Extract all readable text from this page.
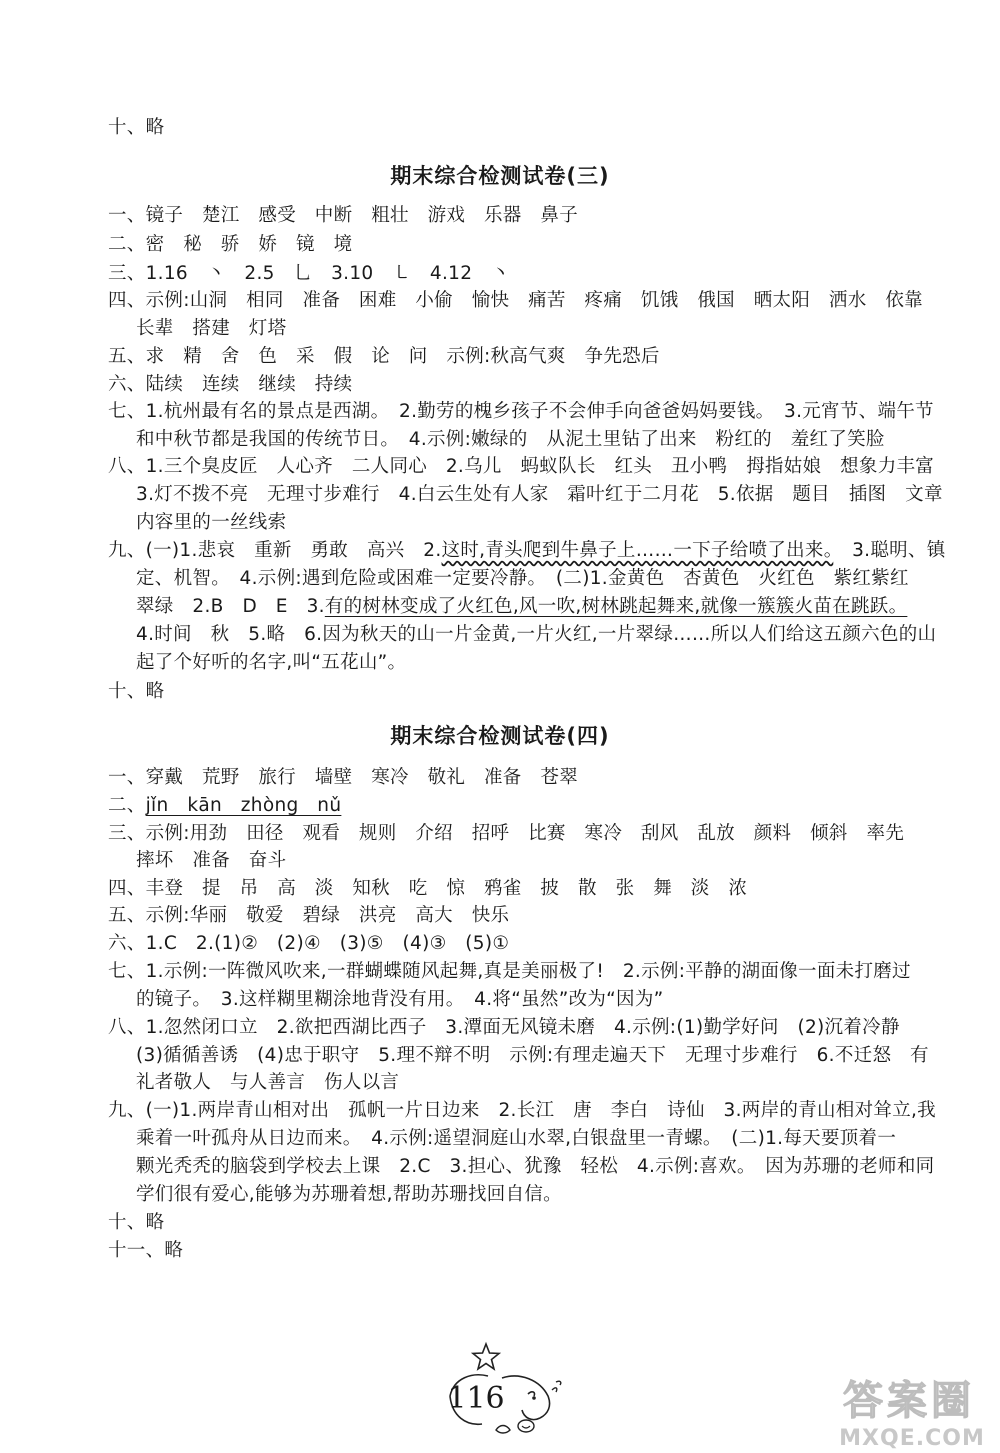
十、略
期末综合检测试卷(三)
一、镜子　楚江　感受　中断　粗壮　游戏　乐器　鼻子
二、密　秘　骄　娇　镜　境
三、1.16　丶　2.5　乚　3.10　㇄　4.12　丶
四、示例:山洞　相同　准备　困难　小偷　愉快　痛苦　疼痛　饥饿　俄国　晒太阳　洒水　依靠
长辈　搭建　灯塔
五、求　精　舍　色　采　假　论　问　示例:秋高气爽　争先恐后
六、陆续　连续　继续　持续
七、1.杭州最有名的景点是西湖。　2.勤劳的槐乡孩子不会伸手向爸爸妈妈要钱。　3.元宵节、端午节
和中秋节都是我国的传统节日。　4.示例:嫩绿的　从泥土里钻了出来　粉红的　羞红了笑脸
八、1.三个臭皮匠　人心齐　二人同心　2.乌儿　蚂蚁队长　红头　丑小鸭　拇指姑娘　想象力丰富
3.灯不拨不亮　无理寸步难行　4.白云生处有人家　霜叶红于二月花　5.依据　题目　插图　文章
内容里的一丝线索
九、(一)1.悲哀　重新　勇敢　高兴　2.这时,青头爬到牛鼻子上……一下子给喷了出来。　3.聪明、镇
定、机智。　4.示例:遇到危险或困难一定要冷静。　(二)1.金黄色　杏黄色　火红色　紫红紫红
翠绿　2.B　D　E　3.有的树林变成了火红色,风一吹,树林跳起舞来,就像一簇簇火苗在跳跃。
4.时间　秋　5.略　6.因为秋天的山一片金黄,一片火红,一片翠绿……所以人们给这五颜六色的山
起了个好听的名字,叫“五花山”。
十、略
期末综合检测试卷(四)
一、穿戴　荒野　旅行　墙壁　寒冷　敬礼　准备　苍翠
二、jǐn　kān　zhòng　nǔ
三、示例:用劲　田径　观看　规则　介绍　招呼　比赛　寒冷　刮风　乱放　颜料　倾斜　率先
摔坏　准备　奋斗
四、丰登　提　吊　高　淡　知秋　吃　惊　鸦雀　披　散　张　舞　淡　浓
五、示例:华丽　敬爱　碧绿　洪亮　高大　快乐
六、1.C　2.(1)②　(2)④　(3)⑤　(4)③　(5)①
七、1.示例:一阵微风吹来,一群蝴蝶随风起舞,真是美丽极了!　2.示例:平静的湖面像一面未打磨过
的镜子。　3.这样糊里糊涂地背没有用。　4.将“虽然”改为“因为”
八、1.忽然闭口立　2.欲把西湖比西子　3.潭面无风镜未磨　4.示例:(1)勤学好问　(2)沉着冷静
(3)循循善诱　(4)忠于职守　5.理不辩不明　示例:有理走遍天下　无理寸步难行　6.不迁怒　有
礼者敬人　与人善言　伤人以言
九、(一)1.两岸青山相对出　孤帆一片日边来　2.长江　唐　李白　诗仙　3.两岸的青山相对耸立,我
乘着一叶孤舟从日边而来。　4.示例:遥望洞庭山水翠,白银盘里一青螺。　(二)1.每天要顶着一
颗光秃秃的脑袋到学校去上课　2.C　3.担心、犹豫　轻松　4.示例:喜欢。　因为苏珊的老师和同
学们很有爱心,能够为苏珊着想,帮助苏珊找回自信。
十、略
十一、略
116	答案圈
MXQE.COM
